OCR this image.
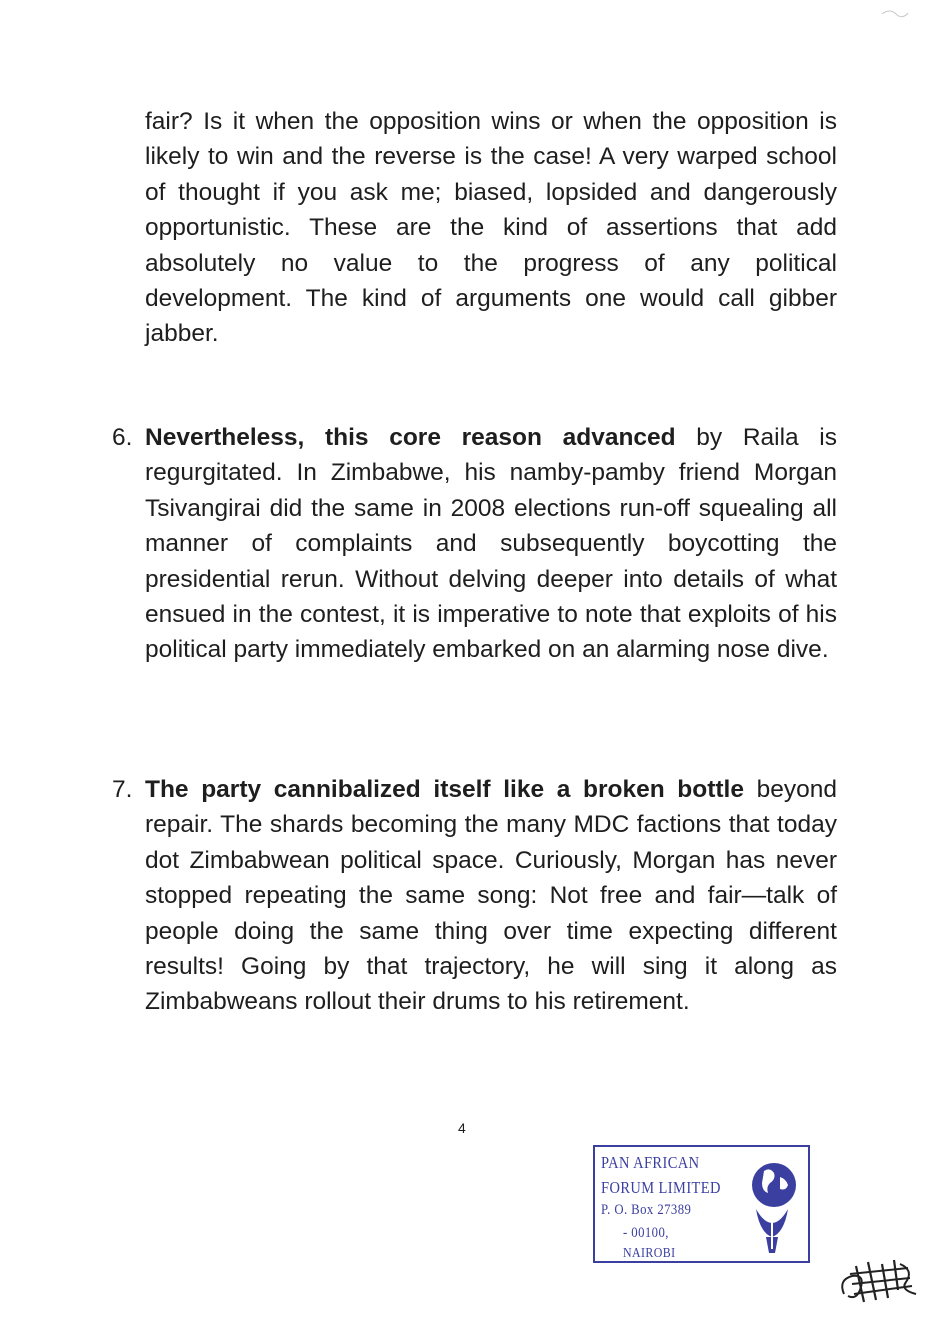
fair? Is it when the opposition wins or when the opposition is likely to win and the reverse is the case! A very warped school of thought if you ask me; biased, lopsided and dangerously opportunistic. These are the kind of assertions that add absolutely no value to the progress of any political development. The kind of arguments one would call gibber jabber.

6. Nevertheless, this core reason advanced by Raila is regurgitated. In Zimbabwe, his namby-pamby friend Morgan Tsivangirai did the same in 2008 elections run-off squealing all manner of complaints and subsequently boycotting the presidential rerun. Without delving deeper into details of what ensued in the contest, it is imperative to note that exploits of his political party immediately embarked on an alarming nose dive.

7. The party cannibalized itself like a broken bottle beyond repair. The shards becoming the many MDC factions that today dot Zimbabwean political space. Curiously, Morgan has never stopped repeating the same song: Not free and fair—talk of people doing the same thing over time expecting different results! Going by that trajectory, he will sing it along as Zimbabweans rollout their drums to his retirement.

4
PAN AFRICAN
FORUM LIMITED
P. O. Box 27389
- 00100,
NAIROBI
